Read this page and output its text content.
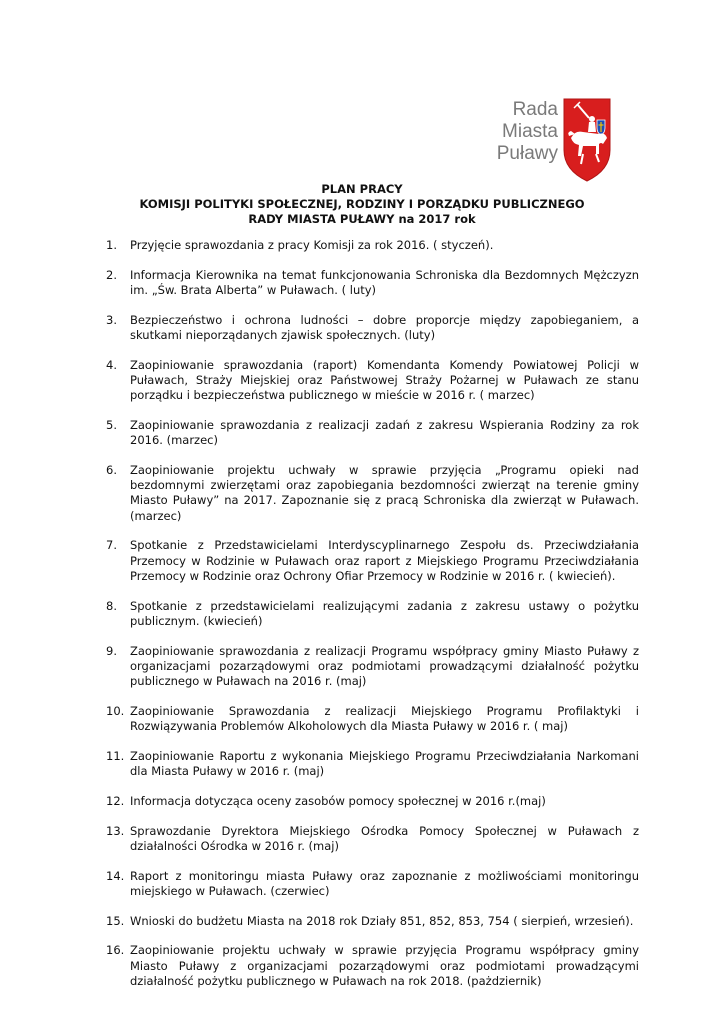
Rada Miasta
Puławy
PLAN PRACY
KOMISJI POLITYKI SPOŁECZNEJ, RODZINY I PORZĄDKU PUBLICZNEGO
RADY MIASTA PUŁAWY na 2017 rok
1. Przyjęcie sprawozdania z pracy Komisji za rok 2016. ( styczeń).
2. Informacja Kierownika na temat funkcjonowania Schroniska dla Bezdomnych Mężczyzn im. „Św. Brata Alberta” w Puławach. ( luty)
3. Bezpieczeństwo i ochrona ludności – dobre proporcje między zapobieganiem, a skutkami nieporządanych zjawisk społecznych. (luty)
4. Zaopiniowanie sprawozdania (raport) Komendanta Komendy Powiatowej Policji w Puławach, Straży Miejskiej oraz Państwowej Straży Pożarnej w Puławach ze stanu porządku i bezpieczeństwa publicznego w mieście w 2016 r. ( marzec)
5. Zaopiniowanie sprawozdania z realizacji zadań z zakresu Wspierania Rodziny za rok 2016. (marzec)
6. Zaopiniowanie projektu uchwały w sprawie przyjęcia „Programu opieki nad bezdomnymi zwierzętami oraz zapobiegania bezdomności zwierząt na terenie gminy Miasto Puławy” na 2017. Zapoznanie się z pracą Schroniska dla zwierząt w Puławach. (marzec)
7. Spotkanie z Przedstawicielami Interdyscyplinarnego Zespołu ds. Przeciwdziałania Przemocy w Rodzinie w Puławach oraz raport z Miejskiego Programu Przeciwdziałania Przemocy w Rodzinie oraz Ochrony Ofiar Przemocy w Rodzinie w 2016 r. ( kwiecień).
8. Spotkanie z przedstawicielami realizującymi zadania z zakresu ustawy o pożytku publicznym. (kwiecień)
9. Zaopiniowanie sprawozdania z realizacji Programu współpracy gminy Miasto Puławy z organizacjami pozarządowymi oraz podmiotami prowadzącymi działalność pożytku publicznego w Puławach na 2016 r. (maj)
10. Zaopiniowanie Sprawozdania z realizacji Miejskiego Programu Profilaktyki i Rozwiązywania Problemów Alkoholowych dla Miasta Puławy w 2016 r. ( maj)
11. Zaopiniowanie Raportu z wykonania Miejskiego Programu Przeciwdziałania Narkomani dla Miasta Puławy w 2016 r. (maj)
12. Informacja dotycząca oceny zasobów pomocy społecznej w 2016 r.(maj)
13. Sprawozdanie Dyrektora Miejskiego Ośrodka Pomocy Społecznej w Puławach z działalności Ośrodka w 2016 r. (maj)
14. Raport z monitoringu miasta Puławy oraz zapoznanie z możliwościami monitoringu miejskiego w Puławach. (czerwiec)
15. Wnioski do budżetu Miasta na 2018 rok Działy 851, 852, 853, 754 ( sierpień, wrzesień).
16. Zaopiniowanie projektu uchwały w sprawie przyjęcia Programu współpracy gminy Miasto Puławy z organizacjami pozarządowymi oraz podmiotami prowadzącymi działalność pożytku publicznego w Puławach na rok 2018. (pażdziernik)
